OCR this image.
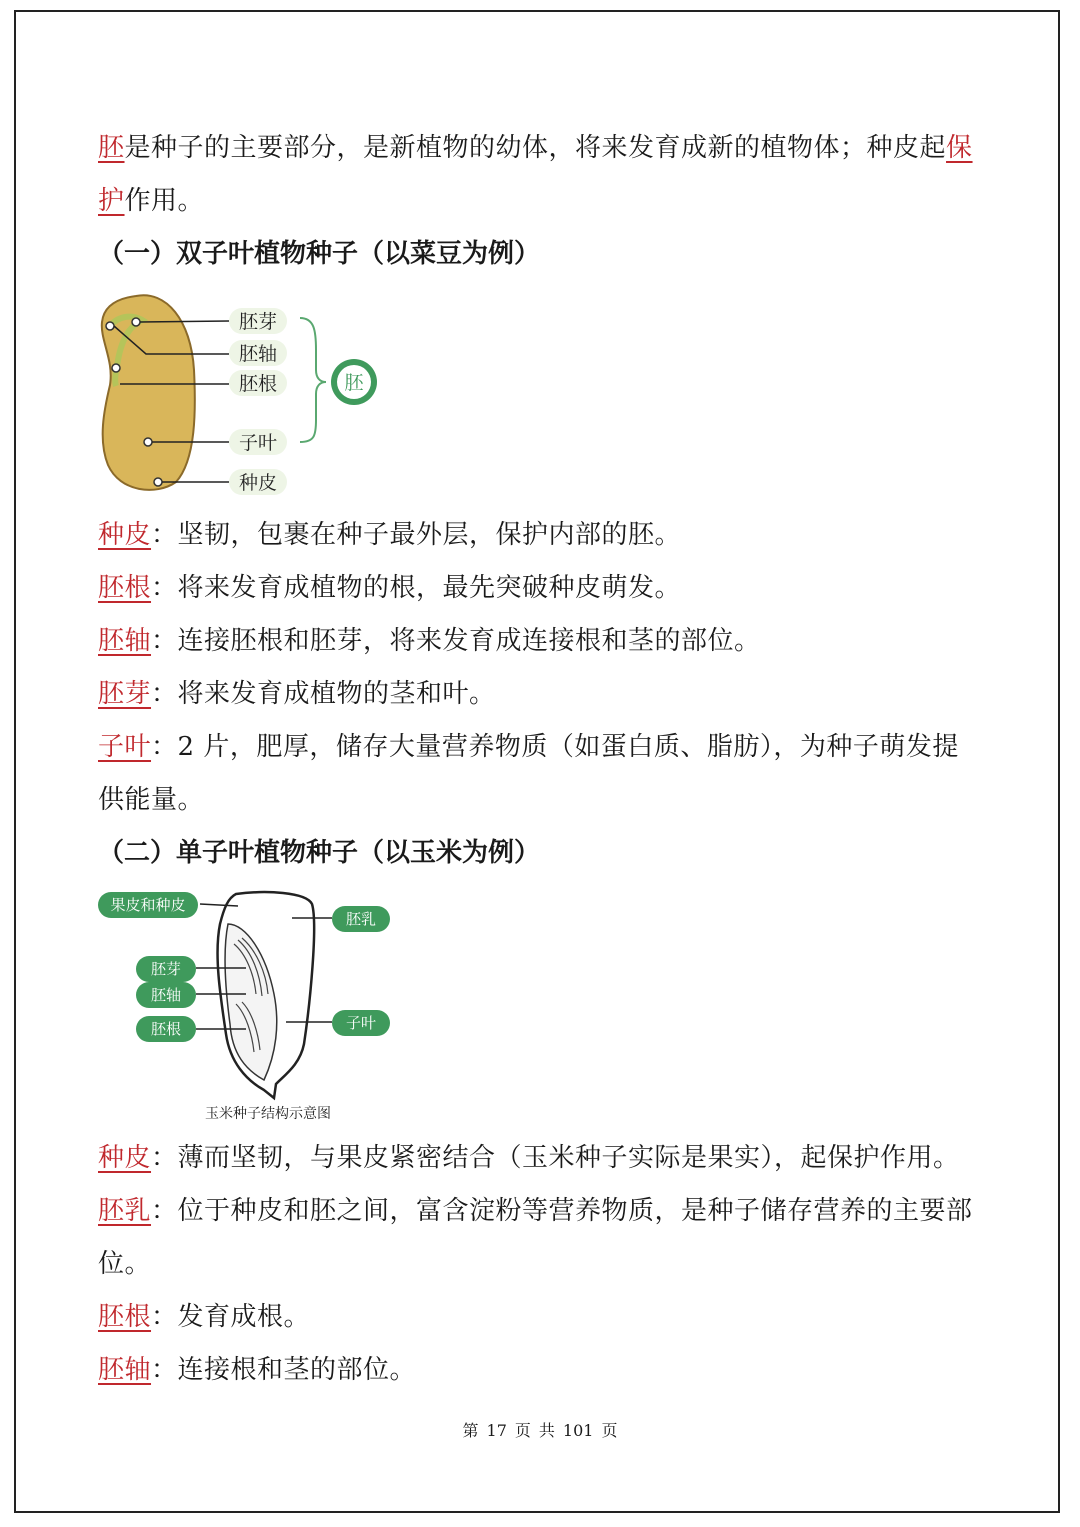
胚是种子的主要部分，是新植物的幼体，将来发育成新的植物体；种皮起保
护作用。
（一）双子叶植物种子（以菜豆为例）
胚芽
胚轴
胚根
子叶
种皮
胚
种皮：坚韧，包裹在种子最外层，保护内部的胚。
胚根：将来发育成植物的根，最先突破种皮萌发。
胚轴：连接胚根和胚芽，将来发育成连接根和茎的部位。
胚芽：将来发育成植物的茎和叶。
子叶：2 片，肥厚，储存大量营养物质（如蛋白质、脂肪），为种子萌发提
供能量。
（二）单子叶植物种子（以玉米为例）
果皮和种皮
胚芽
胚轴
胚根
胚乳
子叶
玉米种子结构示意图
种皮：薄而坚韧，与果皮紧密结合（玉米种子实际是果实），起保护作用。
胚乳：位于种皮和胚之间，富含淀粉等营养物质，是种子储存营养的主要部
位。
胚根：发育成根。
胚轴：连接根和茎的部位。
第 17 页 共 101 页
